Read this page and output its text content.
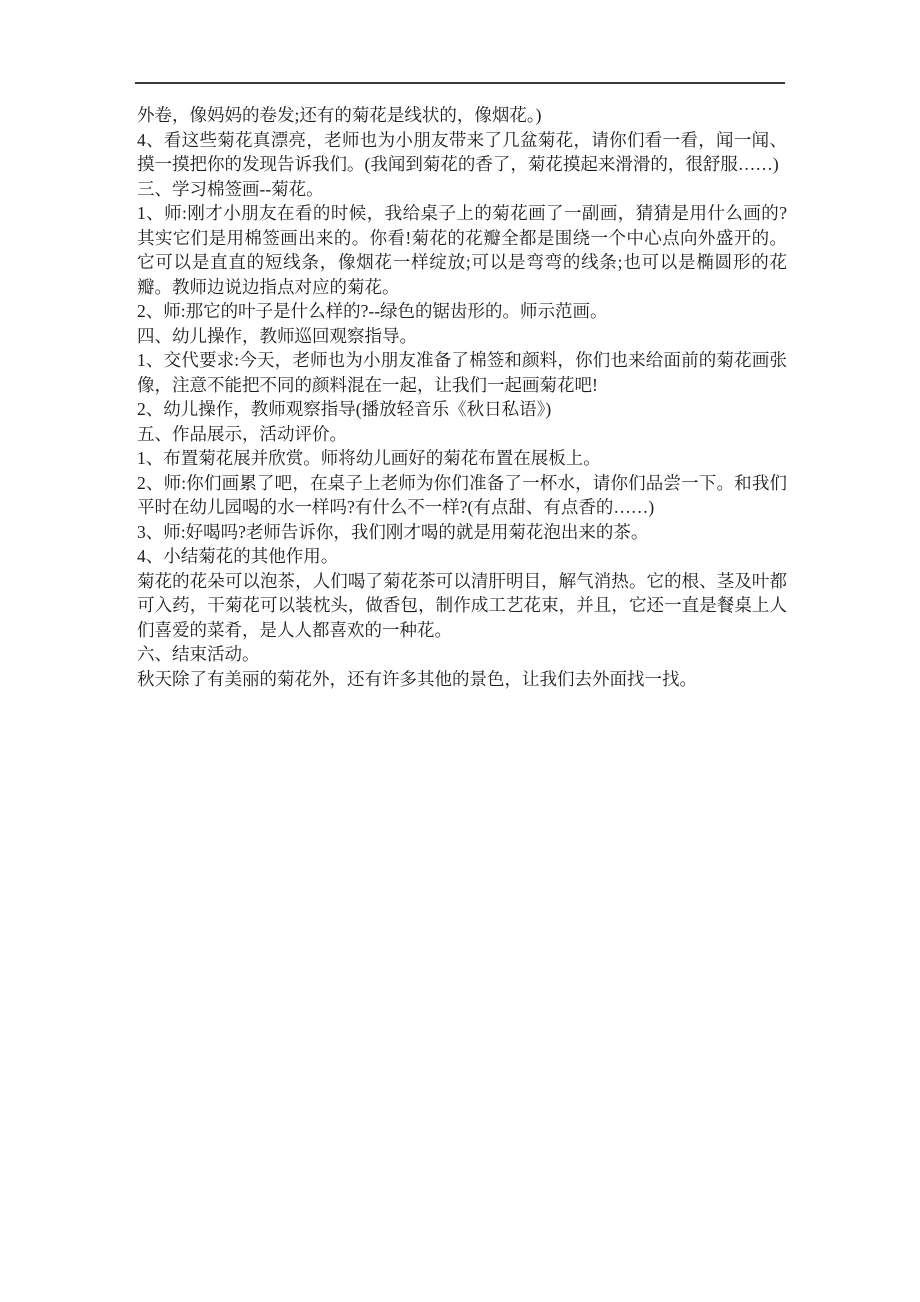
外卷，像妈妈的卷发;还有的菊花是线状的，像烟花。)

4、看这些菊花真漂亮，老师也为小朋友带来了几盆菊花，请你们看一看，闻一闻、摸一摸把你的发现告诉我们。(我闻到菊花的香了，菊花摸起来滑滑的，很舒服……)

三、学习棉签画--菊花。

1、师:刚才小朋友在看的时候，我给桌子上的菊花画了一副画，猜猜是用什么画的?其实它们是用棉签画出来的。你看!菊花的花瓣全都是围绕一个中心点向外盛开的。它可以是直直的短线条，像烟花一样绽放;可以是弯弯的线条;也可以是椭圆形的花瓣。教师边说边指点对应的菊花。

2、师:那它的叶子是什么样的?--绿色的锯齿形的。师示范画。

四、幼儿操作，教师巡回观察指导。

1、交代要求:今天，老师也为小朋友准备了棉签和颜料，你们也来给面前的菊花画张像，注意不能把不同的颜料混在一起，让我们一起画菊花吧!

2、幼儿操作，教师观察指导(播放轻音乐《秋日私语》)

五、作品展示，活动评价。

1、布置菊花展并欣赏。师将幼儿画好的菊花布置在展板上。

2、师:你们画累了吧，在桌子上老师为你们准备了一杯水，请你们品尝一下。和我们平时在幼儿园喝的水一样吗?有什么不一样?(有点甜、有点香的……)

3、师:好喝吗?老师告诉你，我们刚才喝的就是用菊花泡出来的茶。

4、小结菊花的其他作用。

菊花的花朵可以泡茶，人们喝了菊花茶可以清肝明目，解气消热。它的根、茎及叶都可入药，干菊花可以装枕头，做香包，制作成工艺花束，并且，它还一直是餐桌上人们喜爱的菜肴，是人人都喜欢的一种花。

六、结束活动。

秋天除了有美丽的菊花外，还有许多其他的景色，让我们去外面找一找。
